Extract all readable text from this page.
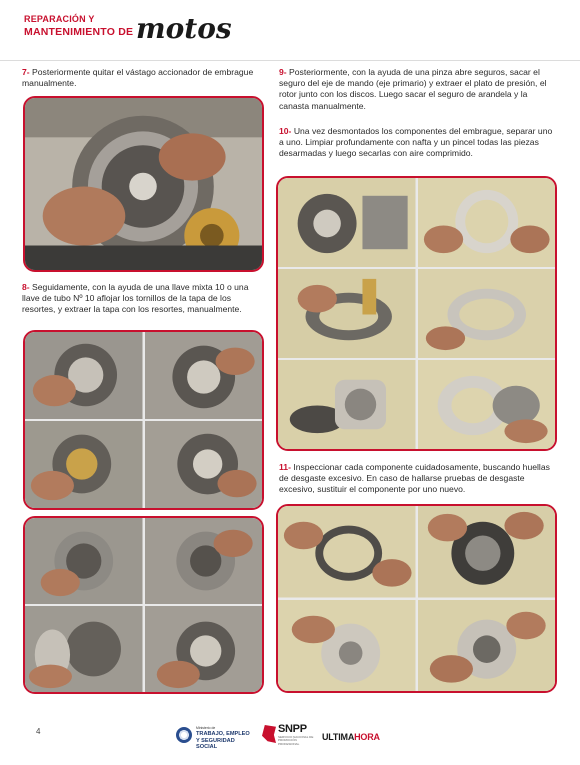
REPARACIÓN Y
MANTENIMIENTO DE motos
7- Posteriormente quitar el vástago accionador de embrague manualmente.
8- Seguidamente, con la ayuda de una llave mixta 10 o una llave de tubo Nº 10 aflojar los tornillos de la tapa de los resortes, y extraer la tapa con los resortes, manualmente.
9- Posteriormente, con la ayuda de una pinza abre seguros, sacar el seguro del eje de mando (eje primario) y extraer el plato de presión, el rotor junto con los discos. Luego sacar el seguro de arandela y la canasta manualmente.
10- Una vez desmontados los componentes del embrague, separar uno a uno. Limpiar profundamente con nafta y un pincel todas las piezas desarmadas y luego secarlas con aire comprimido.
11- Inspeccionar cada componente cuidadosamente, buscando huellas de desgaste excesivo. En caso de hallarse pruebas de desgaste excesivo, sustituir el componente por uno nuevo.
4	Ministerio de
TRABAJO, EMPLEO
Y SEGURIDAD SOCIAL
SNPP
SERVICIO NACIONAL DE PROMOCIÓN PROFESIONAL
ULTIMAHORA
